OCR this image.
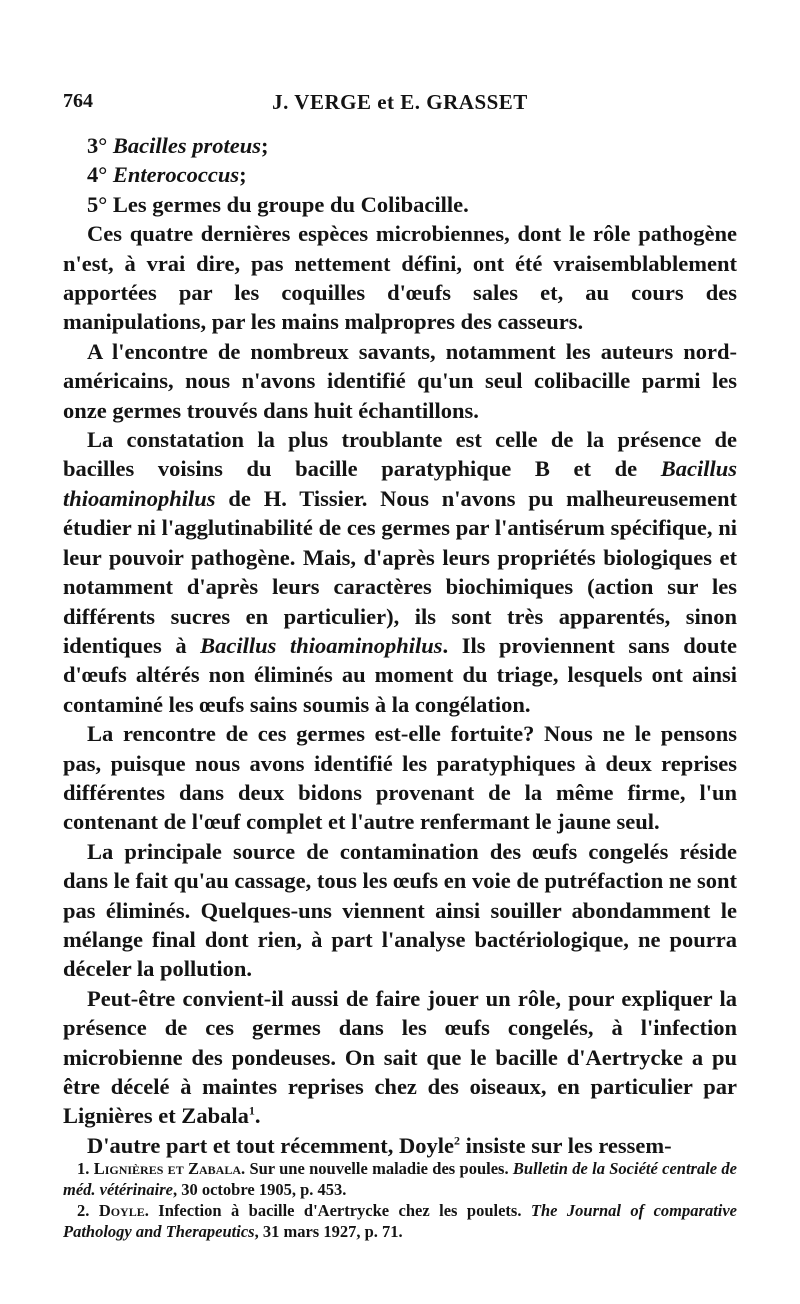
764	J. VERGE et E. GRASSET

3° Bacilles proteus;

4° Enterococcus;

5° Les germes du groupe du Colibacille.

Ces quatre dernières espèces microbiennes, dont le rôle pathogène n'est, à vrai dire, pas nettement défini, ont été vraisemblablement apportées par les coquilles d'œufs sales et, au cours des manipulations, par les mains malpropres des casseurs.

A l'encontre de nombreux savants, notamment les auteurs nord-américains, nous n'avons identifié qu'un seul colibacille parmi les onze germes trouvés dans huit échantillons.

La constatation la plus troublante est celle de la présence de bacilles voisins du bacille paratyphique B et de Bacillus thioaminophilus de H. Tissier. Nous n'avons pu malheureusement étudier ni l'agglutinabilité de ces germes par l'antisérum spécifique, ni leur pouvoir pathogène. Mais, d'après leurs propriétés biologiques et notamment d'après leurs caractères biochimiques (action sur les différents sucres en particulier), ils sont très apparentés, sinon identiques à Bacillus thioaminophilus. Ils proviennent sans doute d'œufs altérés non éliminés au moment du triage, lesquels ont ainsi contaminé les œufs sains soumis à la congélation.

La rencontre de ces germes est-elle fortuite? Nous ne le pensons pas, puisque nous avons identifié les paratyphiques à deux reprises différentes dans deux bidons provenant de la même firme, l'un contenant de l'œuf complet et l'autre renfermant le jaune seul.

La principale source de contamination des œufs congelés réside dans le fait qu'au cassage, tous les œufs en voie de putréfaction ne sont pas éliminés. Quelques-uns viennent ainsi souiller abondamment le mélange final dont rien, à part l'analyse bactériologique, ne pourra déceler la pollution.

Peut-être convient-il aussi de faire jouer un rôle, pour expliquer la présence de ces germes dans les œufs congelés, à l'infection microbienne des pondeuses. On sait que le bacille d'Aertrycke a pu être décelé à maintes reprises chez des oiseaux, en particulier par Lignières et Zabala$^1$.

D'autre part et tout récemment, Doyle$^2$ insiste sur les ressem-

1. Lignières et Zabala. Sur une nouvelle maladie des poules. Bulletin de la Société centrale de méd. vétérinaire, 30 octobre 1905, p. 453.

2. Doyle. Infection à bacille d'Aertrycke chez les poulets. The Journal of comparative Pathology and Therapeutics, 31 mars 1927, p. 71.
